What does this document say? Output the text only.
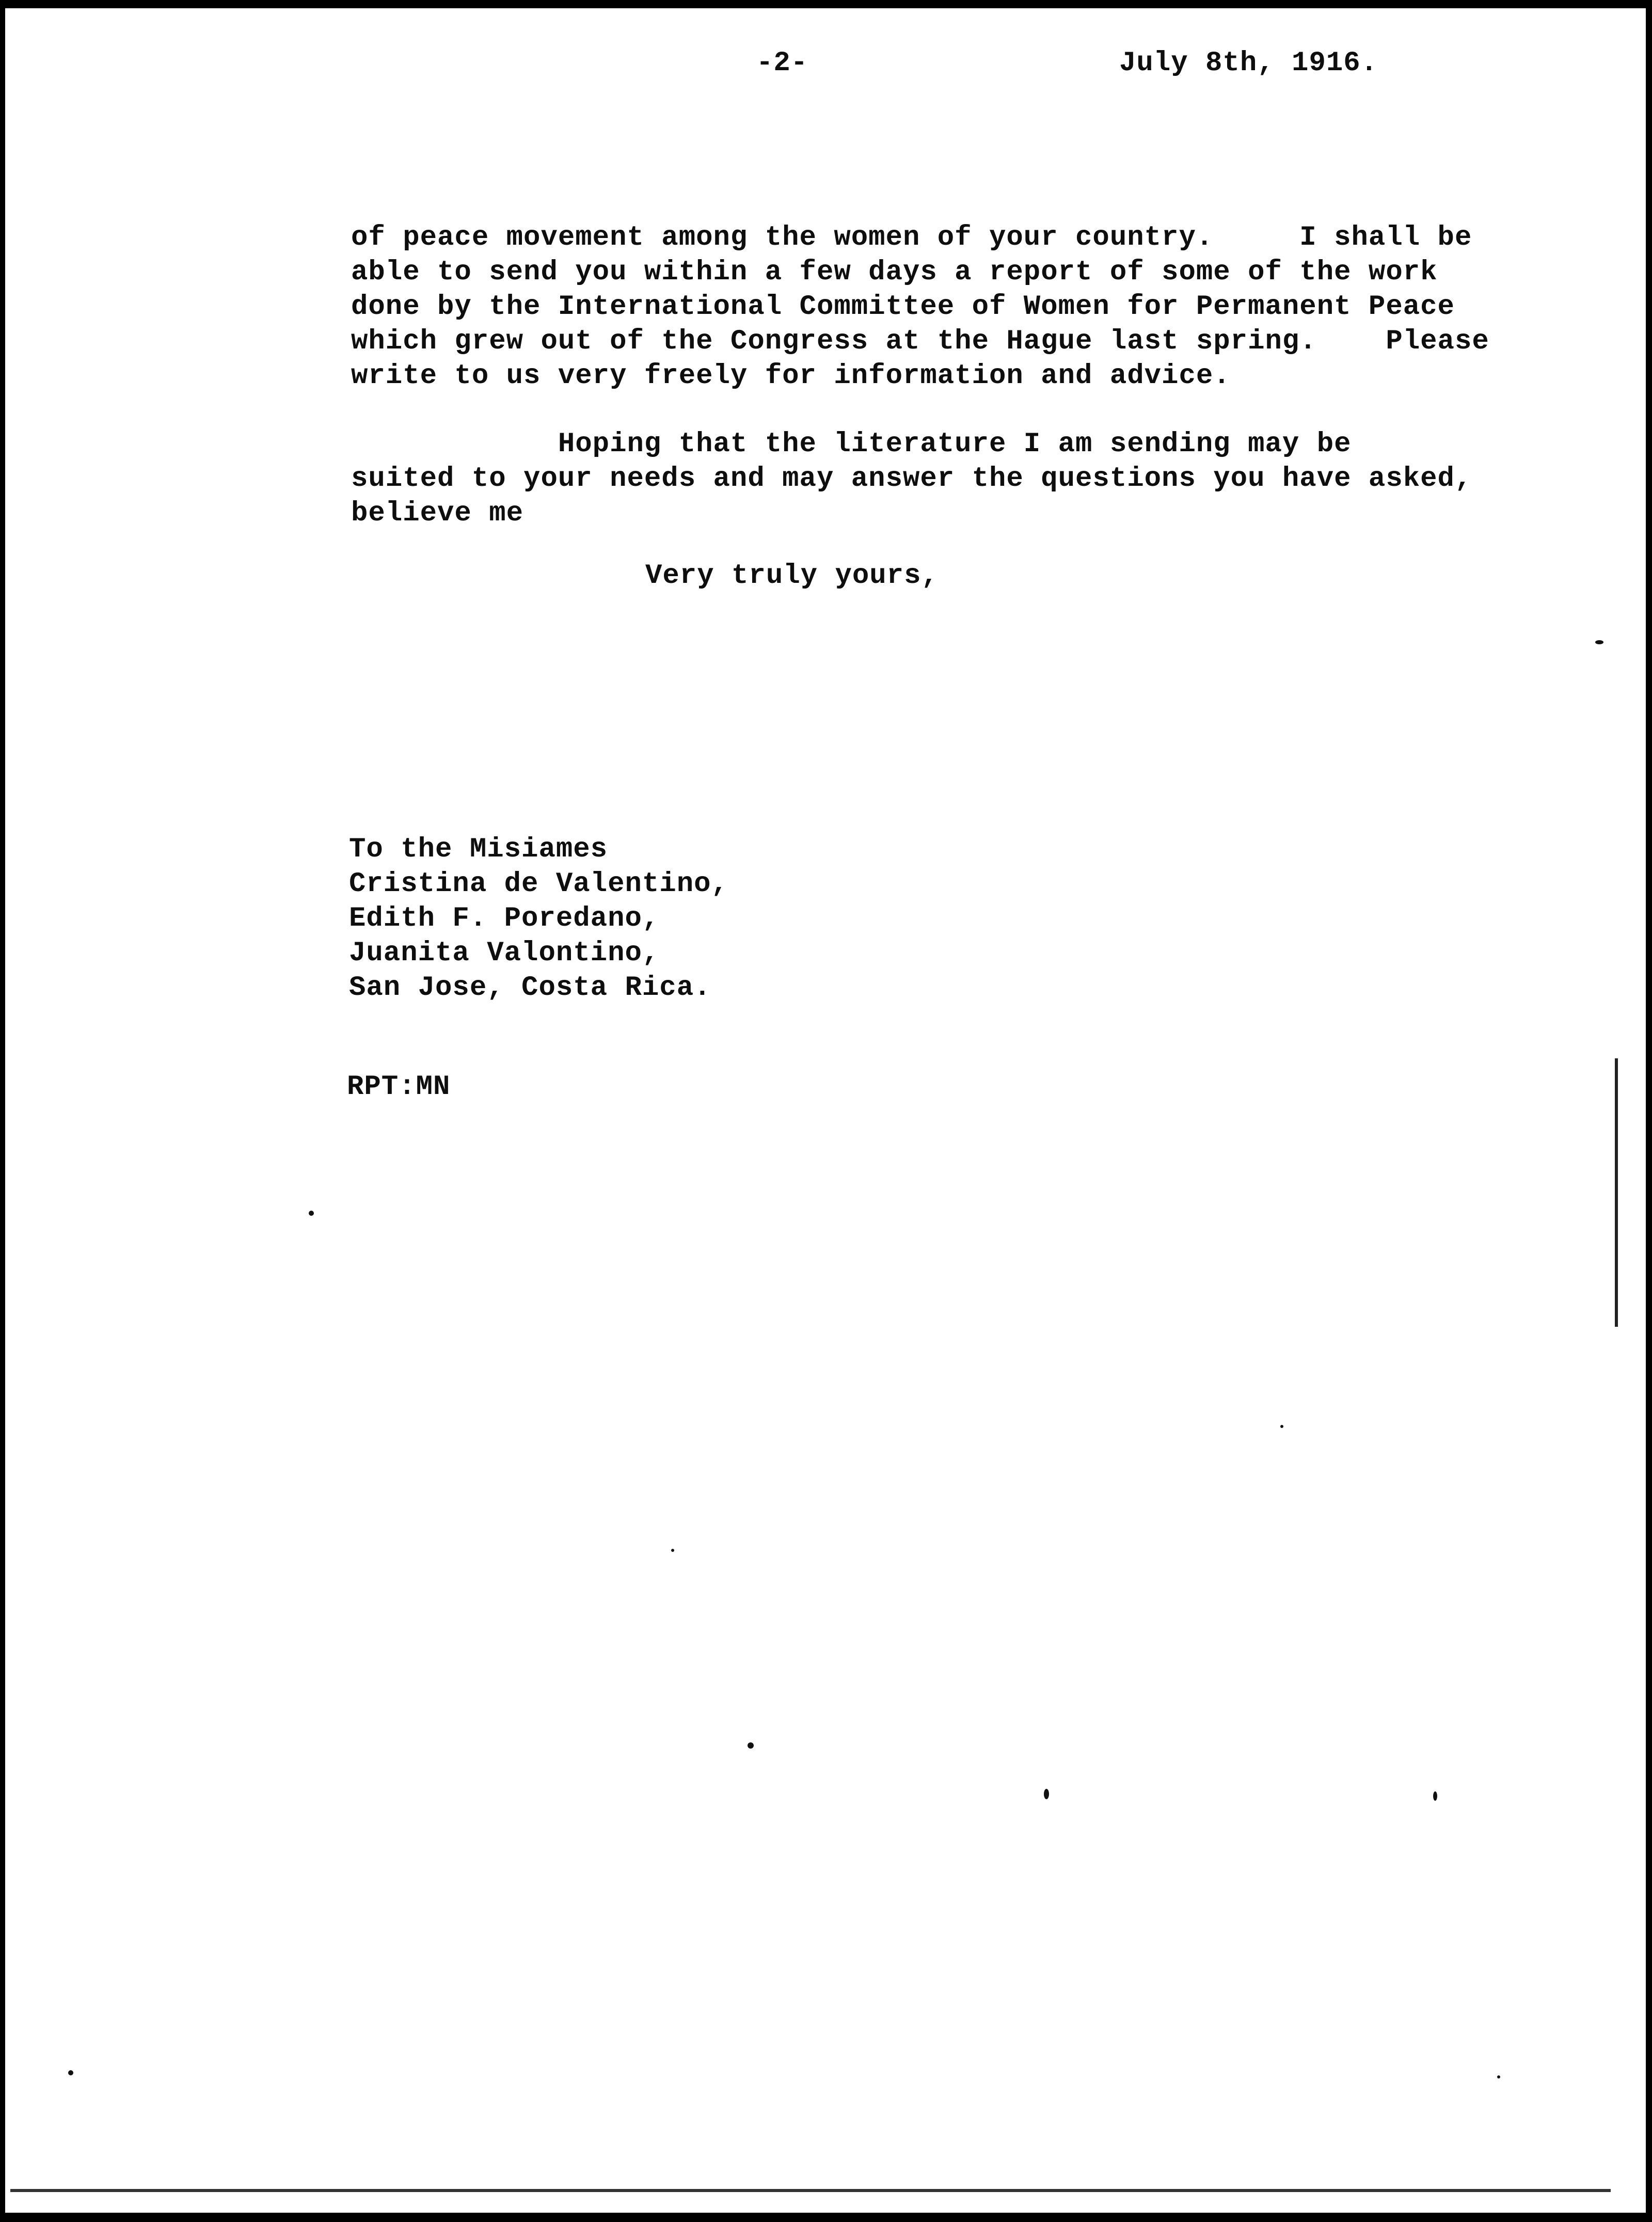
-2-	July 8th, 1916.
of peace movement among the women of your country.     I shall be
able to send you within a few days a report of some of the work
done by the International Committee of Women for Permanent Peace
which grew out of the Congress at the Hague last spring.    Please
write to us very freely for information and advice.
Hoping that the literature I am sending may be
suited to your needs and may answer the questions you have asked,
believe me
Very truly yours,
To the Misiames
Cristina de Valentino,
Edith F. Poredano,
Juanita Valontino,
San Jose, Costa Rica.
RPT:MN
